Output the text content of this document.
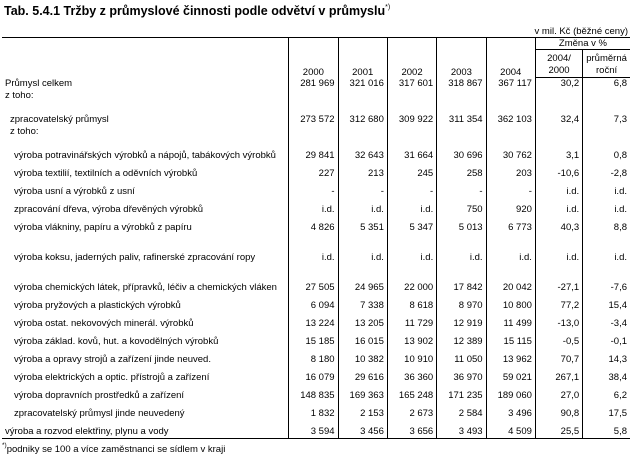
Tab. 5.4.1 Tržby z průmyslové činnosti podle odvětví v průmyslu*)
v mil. Kč (běžné ceny)
	2000	2001	2002	2003	2004	Změna v %	
						2004/ 2000	průměrná roční
Průmysl celkem	281 969	321 016	317 601	318 867	367 117	30,2	6,8
z toho:							
zpracovatelský průmysl	273 572	312 680	309 922	311 354	362 103	32,4	7,3
z toho:							
výroba potravinářských výrobků a nápojů, tabákových výrobků	29 841	32 643	31 664	30 696	30 762	3,1	0,8
výroba textilií, textilních a oděvních výrobků	227	213	245	258	203	-10,6	-2,8
výroba usní a výrobků z usní	-	-	-	-	-	i.d.	i.d.
zpracování dřeva, výroba dřevěných výrobků	i.d.	i.d.	i.d.	750	920	i.d.	i.d.
výroba vlákniny, papíru a výrobků z papíru	4 826	5 351	5 347	5 013	6 773	40,3	8,8
výroba koksu, jaderných paliv, rafinerské zpracování ropy	i.d.	i.d.	i.d.	i.d.	i.d.	i.d.	i.d.
výroba chemických látek, přípravků, léčiv a chemických vláken	27 505	24 965	22 000	17 842	20 042	-27,1	-7,6
výroba pryžových a plastických výrobků	6 094	7 338	8 618	8 970	10 800	77,2	15,4
výroba ostat. nekovových minerál. výrobků	13 224	13 205	11 729	12 919	11 499	-13,0	-3,4
výroba základ. kovů, hut. a kovodělných výrobků	15 185	16 015	13 902	12 389	15 115	-0,5	-0,1
výroba a opravy strojů a zařízení jinde neuved.	8 180	10 382	10 910	11 050	13 962	70,7	14,3
výroba elektrických a optic. přístrojů a zařízení	16 079	29 616	36 360	36 970	59 021	267,1	38,4
výroba dopravních prostředků a zařízení	148 835	169 363	165 248	171 235	189 060	27,0	6,2
zpracovatelský průmysl jinde neuvedený	1 832	2 153	2 673	2 584	3 496	90,8	17,5
výroba a rozvod elektřiny, plynu a vody	3 594	3 456	3 656	3 493	4 509	25,5	5,8
*)podniky se 100 a více zaměstnanci se sídlem v kraji
